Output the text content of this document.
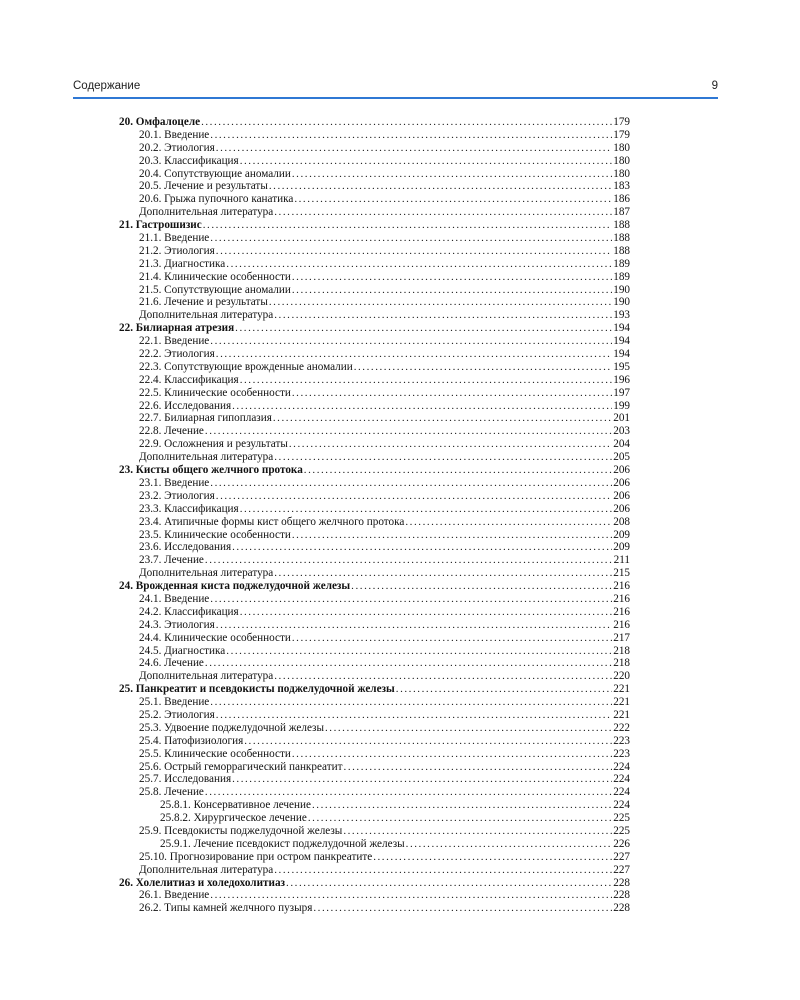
Содержание	9
20. Омфалоцеле . . .	179
20.1. Введение . . .	179
20.2. Этиология . . .	180
20.3. Классификация . . .	180
20.4. Сопутствующие аномалии . . .	180
20.5. Лечение и результаты . . .	183
20.6. Грыжа пупочного канатика . . .	186
Дополнительная литература . . .	187
21. Гастрошизис . . .	188
21.1. Введение . . .	188
21.2. Этиология . . .	188
21.3. Диагностика . . .	189
21.4. Клинические особенности . . .	189
21.5. Сопутствующие аномалии . . .	190
21.6. Лечение и результаты . . .	190
Дополнительная литература . . .	193
22. Билиарная атрезия . . .	194
22.1. Введение . . .	194
22.2. Этиология . . .	194
22.3. Сопутствующие врожденные аномалии . . .	195
22.4. Классификация . . .	196
22.5. Клинические особенности . . .	197
22.6. Исследования . . .	199
22.7. Билиарная гипоплазия . . .	201
22.8. Лечение . . .	203
22.9. Осложнения и результаты . . .	204
Дополнительная литература . . .	205
23. Кисты общего желчного протока . . .	206
23.1. Введение . . .	206
23.2. Этиология . . .	206
23.3. Классификация . . .	206
23.4. Атипичные формы кист общего желчного протока . . .	208
23.5. Клинические особенности . . .	209
23.6. Исследования . . .	209
23.7. Лечение . . .	211
Дополнительная литература . . .	215
24. Врожденная киста поджелудочной железы . . .	216
24.1. Введение . . .	216
24.2. Классификация . . .	216
24.3. Этиология . . .	216
24.4. Клинические особенности . . .	217
24.5. Диагностика . . .	218
24.6. Лечение . . .	218
Дополнительная литература . . .	220
25. Панкреатит и псевдокисты поджелудочной железы . . .	221
25.1. Введение . . .	221
25.2. Этиология . . .	221
25.3. Удвоение поджелудочной железы . . .	222
25.4. Патофизиология . . .	223
25.5. Клинические особенности . . .	223
25.6. Острый геморрагический панкреатит . . .	224
25.7. Исследования . . .	224
25.8. Лечение . . .	224
25.8.1. Консервативное лечение . . .	224
25.8.2. Хирургическое лечение . . .	225
25.9. Псевдокисты поджелудочной железы . . .	225
25.9.1. Лечение псевдокист поджелудочной железы . . .	226
25.10. Прогнозирование при остром панкреатите . . .	227
Дополнительная литература . . .	227
26. Холелитиаз и холедохолитиаз . . .	228
26.1. Введение . . .	228
26.2. Типы камней желчного пузыря . . .	228
